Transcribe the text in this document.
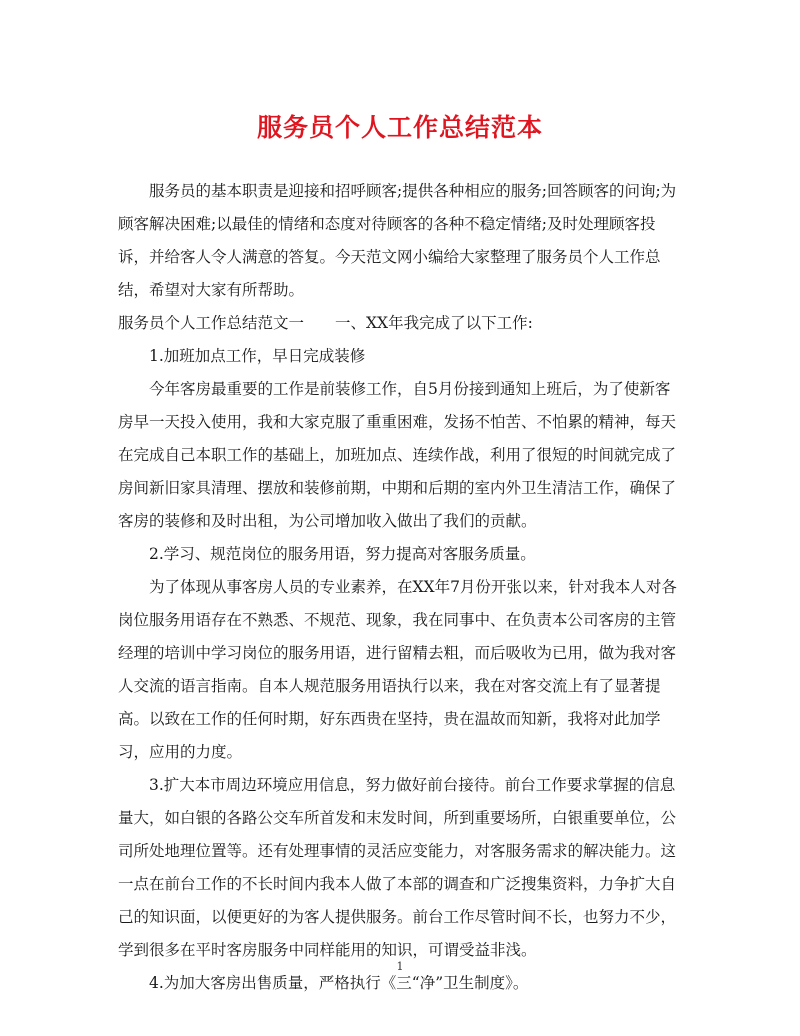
服务员个人工作总结范本

服务员的基本职责是迎接和招呼顾客;提供各种相应的服务;回答顾客的问询;为顾客解决困难;以最佳的情绪和态度对待顾客的各种不稳定情绪;及时处理顾客投诉，并给客人令人满意的答复。今天范文网小编给大家整理了服务员个人工作总结，希望对大家有所帮助。

服务员个人工作总结范文一　　一、XX年我完成了以下工作:

1.加班加点工作，早日完成装修

今年客房最重要的工作是前装修工作，自5月份接到通知上班后，为了使新客房早一天投入使用，我和大家克服了重重困难，发扬不怕苦、不怕累的精神，每天在完成自己本职工作的基础上，加班加点、连续作战，利用了很短的时间就完成了房间新旧家具清理、摆放和装修前期，中期和后期的室内外卫生清洁工作，确保了客房的装修和及时出租，为公司增加收入做出了我们的贡献。

2.学习、规范岗位的服务用语，努力提高对客服务质量。

为了体现从事客房人员的专业素养，在XX年7月份开张以来，针对我本人对各岗位服务用语存在不熟悉、不规范、现象，我在同事中、在负责本公司客房的主管经理的培训中学习岗位的服务用语，进行留精去粗，而后吸收为已用，做为我对客人交流的语言指南。自本人规范服务用语执行以来，我在对客交流上有了显著提高。以致在工作的任何时期，好东西贵在坚持，贵在温故而知新，我将对此加学习，应用的力度。

3.扩大本市周边环境应用信息，努力做好前台接待。前台工作要求掌握的信息量大，如白银的各路公交车所首发和末发时间，所到重要场所，白银重要单位，公司所处地理位置等。还有处理事情的灵活应变能力，对客服务需求的解决能力。这一点在前台工作的不长时间内我本人做了本部的调查和广泛搜集资料，力争扩大自己的知识面，以便更好的为客人提供服务。前台工作尽管时间不长，也努力不少，学到很多在平时客房服务中同样能用的知识，可谓受益非浅。

4.为加大客房出售质量，严格执行《三“净”卫生制度》。

1
